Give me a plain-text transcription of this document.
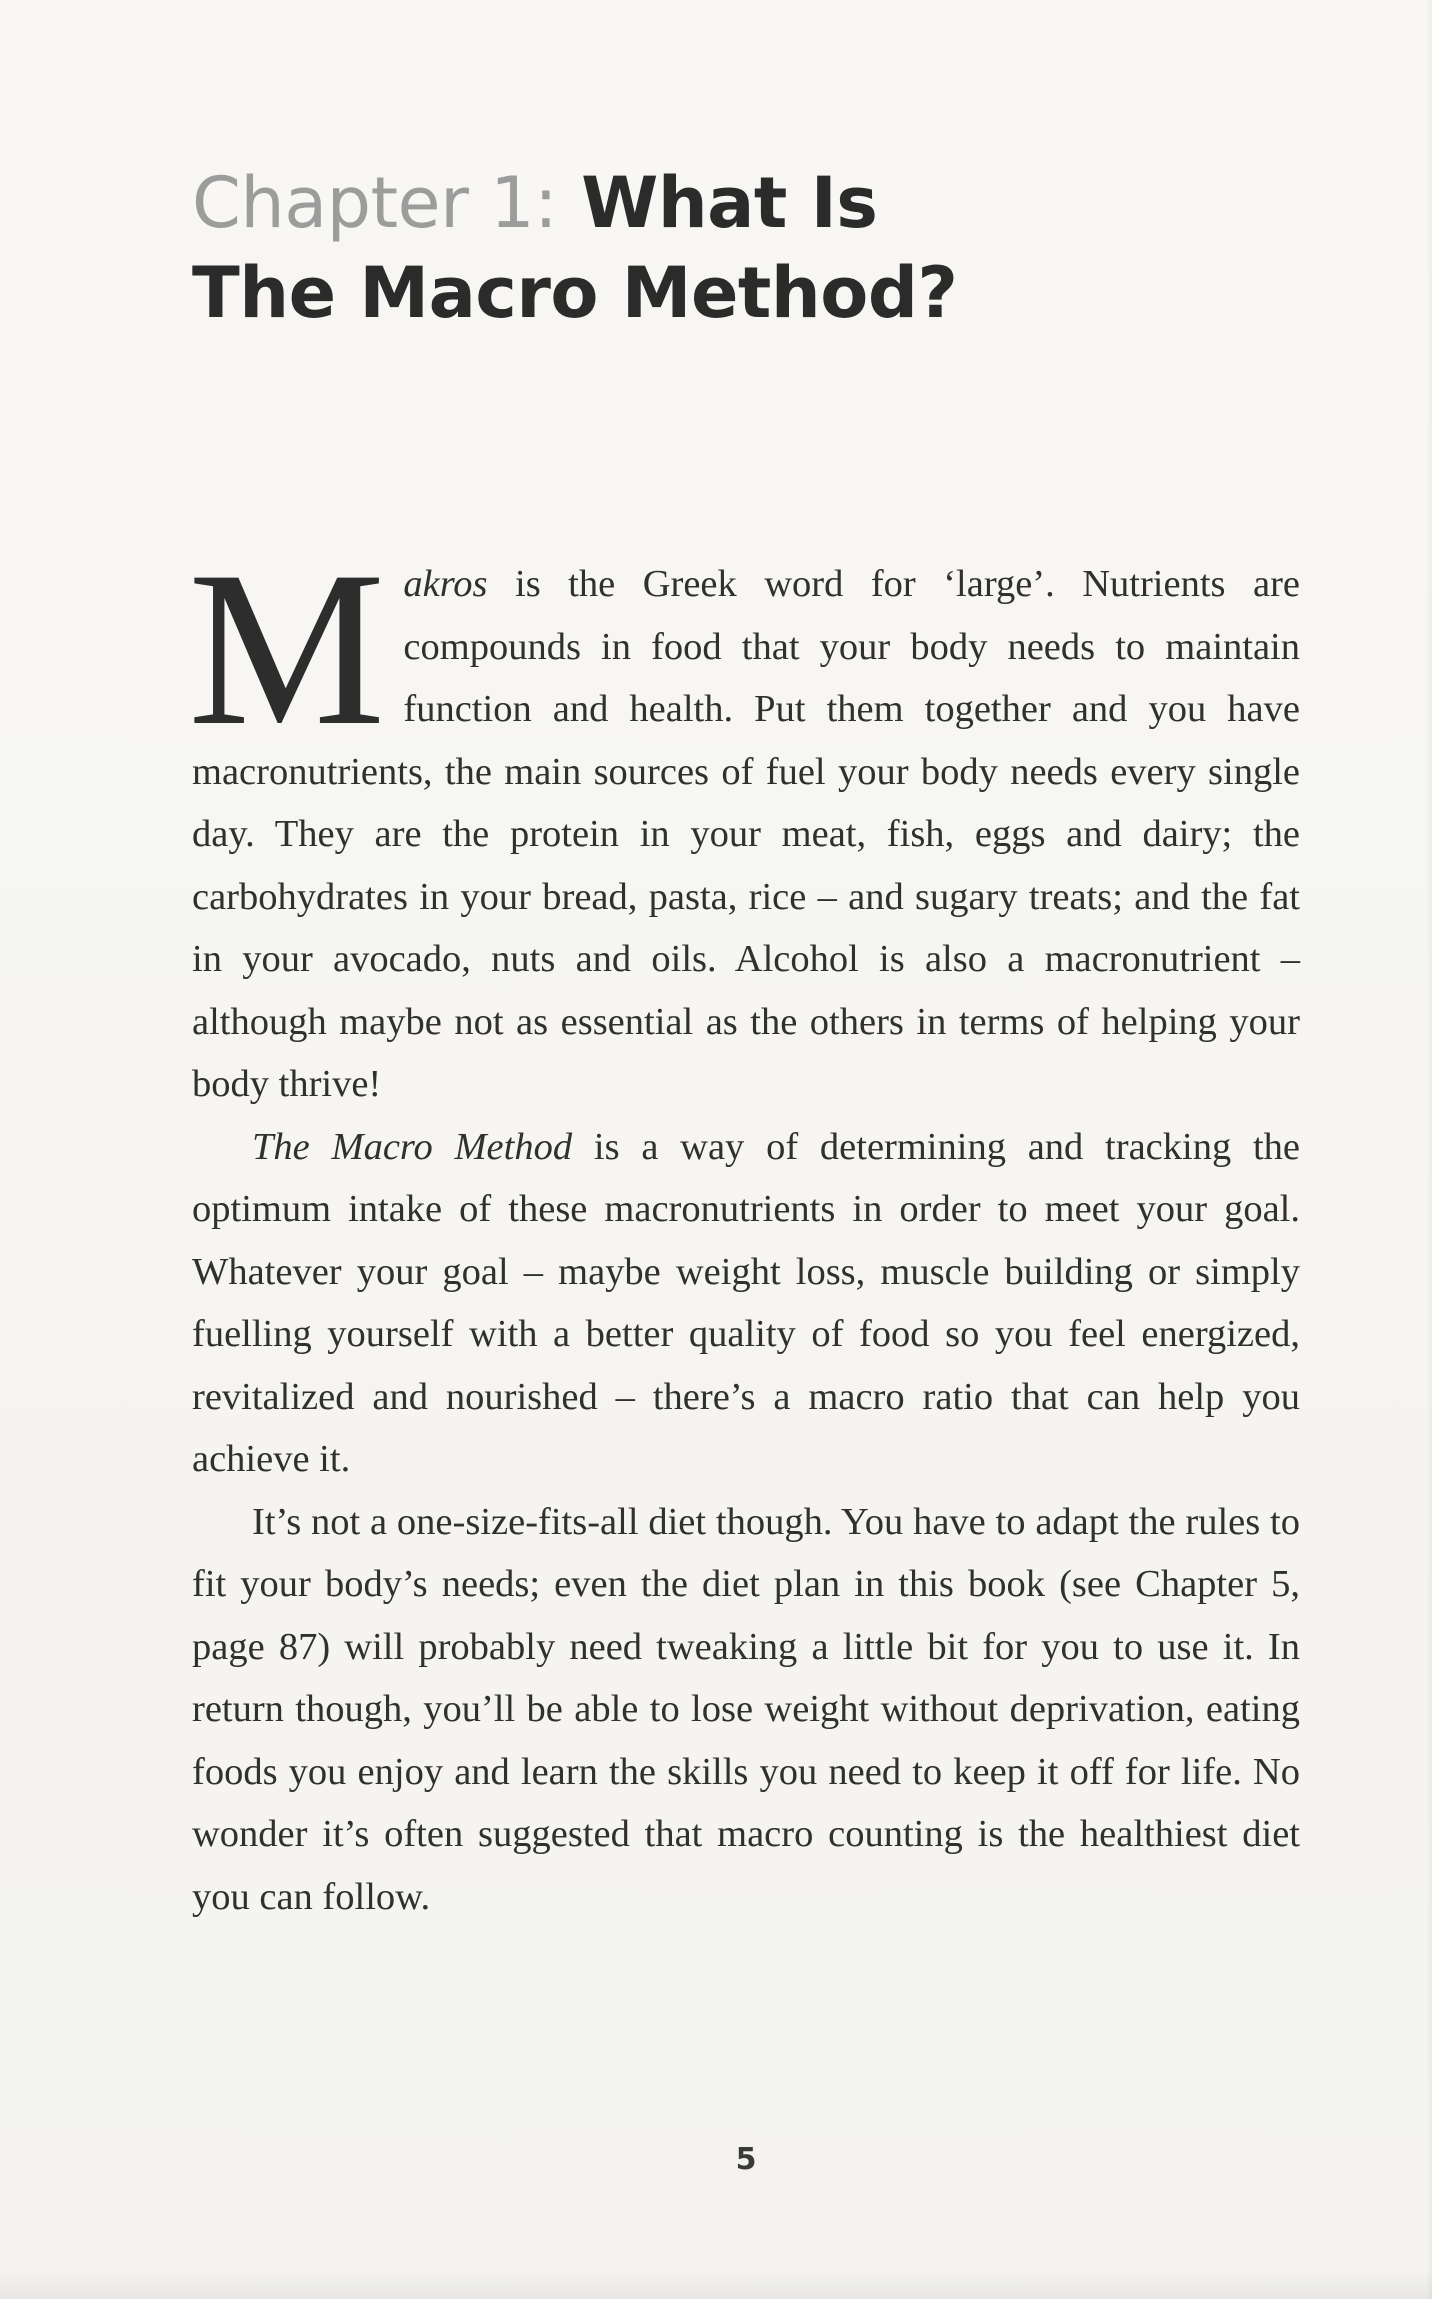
Chapter 1: What Is
The Macro Method?

Makros is the Greek word for ‘large’. Nutrients are compounds in food that your body needs to maintain function and health. Put them together and you have macronutrients, the main sources of fuel your body needs every single day. They are the protein in your meat, fish, eggs and dairy; the carbohydrates in your bread, pasta, rice – and sugary treats; and the fat in your avocado, nuts and oils. Alcohol is also a macronutrient – although maybe not as essential as the others in terms of helping your body thrive!

The Macro Method is a way of determining and tracking the optimum intake of these macronutrients in order to meet your goal. Whatever your goal – maybe weight loss, muscle building or simply fuelling yourself with a better quality of food so you feel energized, revitalized and nourished – there’s a macro ratio that can help you achieve it.

It’s not a one-size-fits-all diet though. You have to adapt the rules to fit your body’s needs; even the diet plan in this book (see Chapter 5, page 87) will probably need tweaking a little bit for you to use it. In return though, you’ll be able to lose weight without deprivation, eating foods you enjoy and learn the skills you need to keep it off for life. No wonder it’s often suggested that macro counting is the healthiest diet you can follow.

5
